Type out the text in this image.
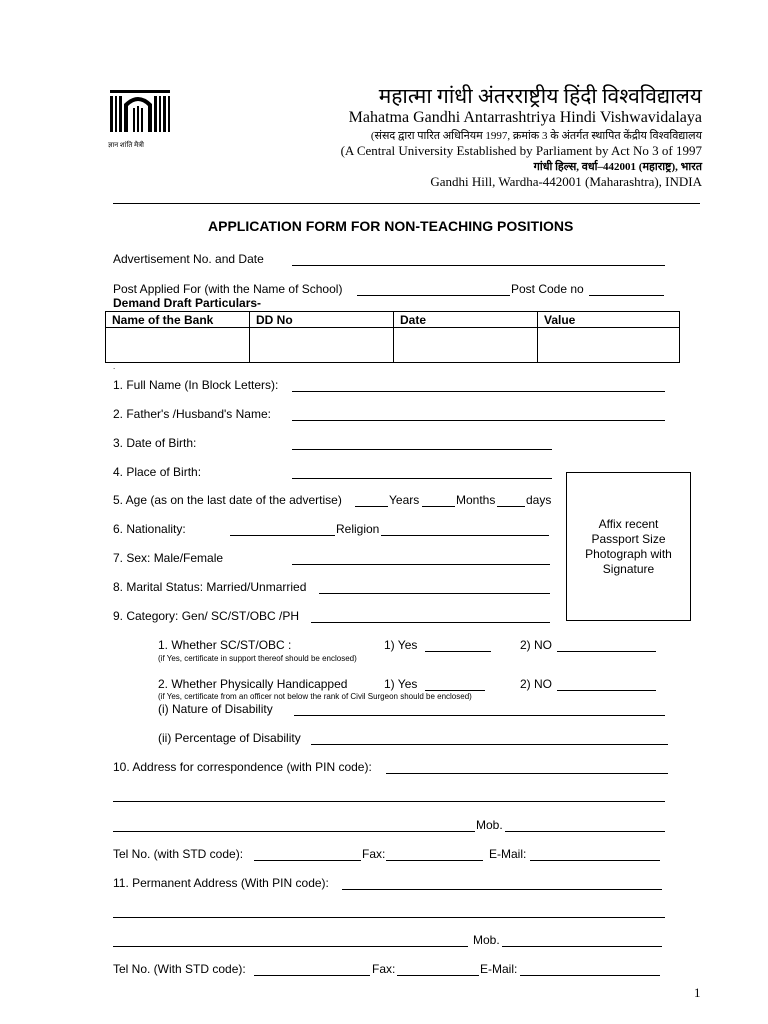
ज्ञान शांति मैत्री
महात्मा गांधी अंतरराष्ट्रीय हिंदी विश्वविद्यालय
Mahatma Gandhi Antarrashtriya Hindi Vishwavidalaya
(संसद द्वारा पारित अधिनियम 1997, क्रमांक 3 के अंतर्गत स्थापित केंद्रीय विश्वविद्यालय
(A Central University Established by Parliament by Act No 3 of 1997
गांधी हिल्स, वर्धा–442001 (महाराष्ट्र), भारत
Gandhi Hill, Wardha-442001 (Maharashtra), INDIA
APPLICATION FORM FOR NON-TEACHING POSITIONS
Advertisement No. and Date
Post Applied For (with the Name of School)	Post Code no
Demand Draft Particulars-
Name of the Bank	DD No	Date	Value

.
1. Full Name (In Block Letters):
2. Father's /Husband's Name:
3. Date of Birth:
4. Place of Birth:
Affix recent
Passport Size
Photograph with
Signature
5. Age (as on the last date of the advertise)	Years	Months	days
6. Nationality:	Religion
7. Sex: Male/Female
8. Marital Status: Married/Unmarried
9. Category: Gen/ SC/ST/OBC /PH
1. Whether SC/ST/OBC :	1) Yes	2) NO
(if Yes, certificate in support thereof should be enclosed)
2. Whether Physically Handicapped	1) Yes	2) NO
(if Yes, certificate from an officer not below the rank of Civil Surgeon should be enclosed)
(i) Nature of Disability
(ii) Percentage of Disability
10. Address for correspondence (with PIN code):
Mob.
Tel No. (with STD code):	Fax:	E-Mail:
11. Permanent Address (With PIN code):
Mob.
Tel No. (With STD code):	Fax:	E-Mail:
1
